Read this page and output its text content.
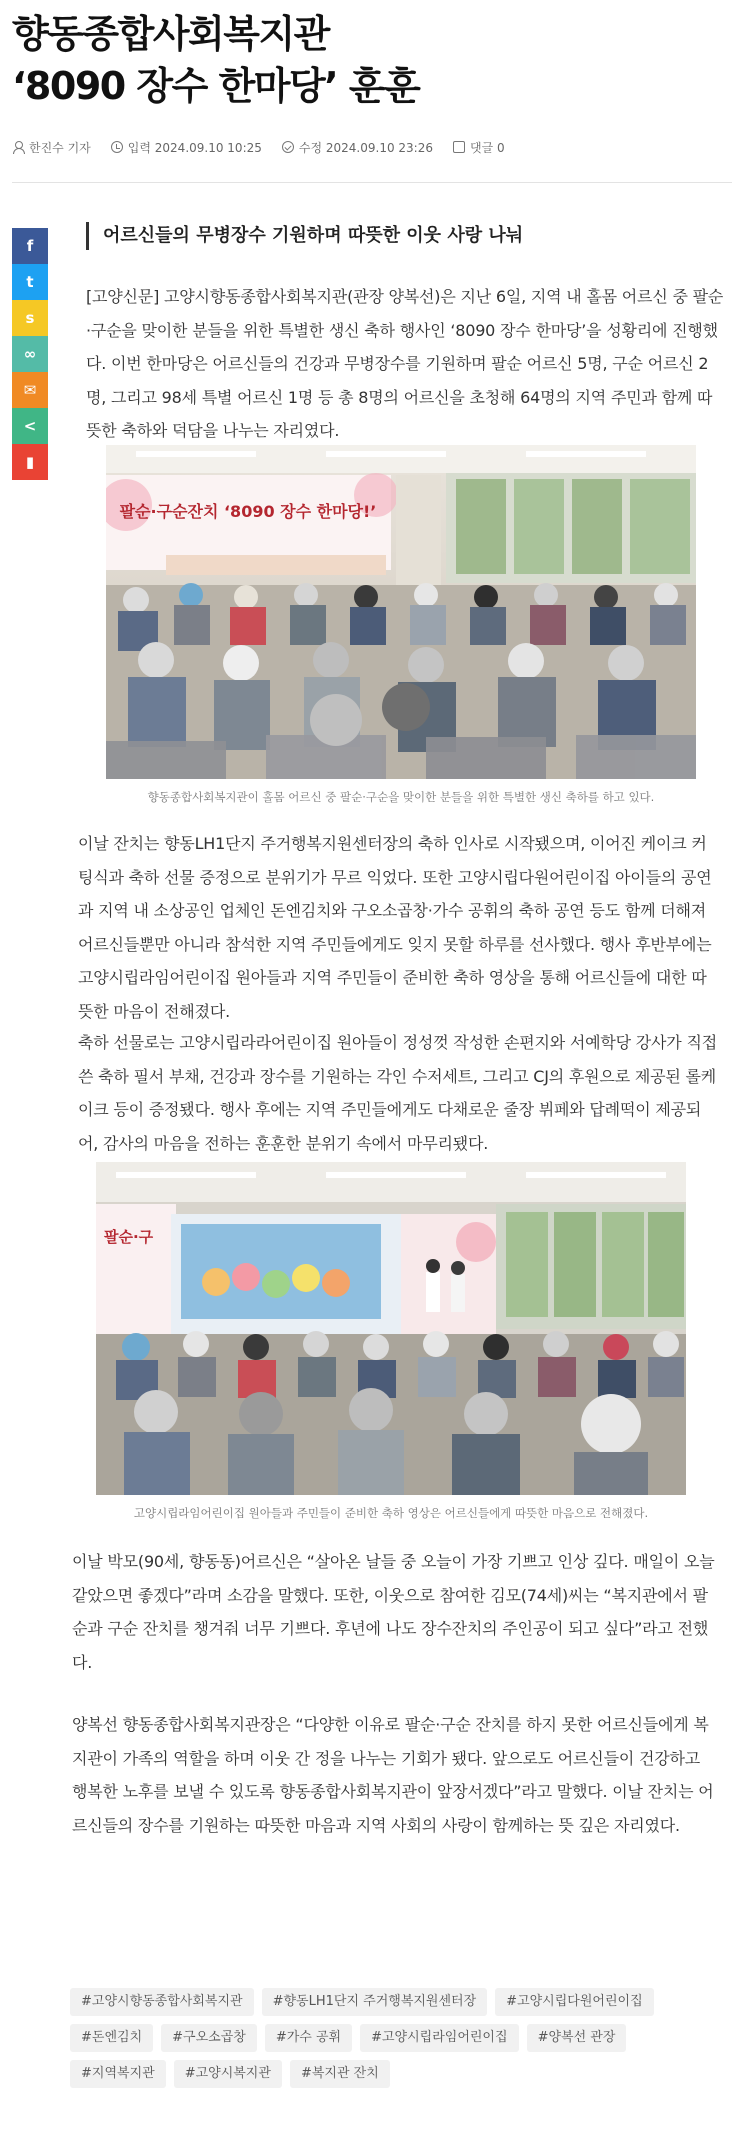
향동종합사회복지관
‘8090 장수 한마당’ 훈훈
한진수 기자	입력 2024.09.10 10:25	수정 2024.09.10 23:26	댓글 0
f
t
s
∞
✉
<
▮
어르신들의 무병장수 기원하며 따뜻한 이웃 사랑 나눠

[고양신문] 고양시향동종합사회복지관(관장 양복선)은 지난 6일, 지역 내 홀몸 어르신 중 팔순·구순을 맞이한 분들을 위한 특별한 생신 축하 행사인 ‘8090 장수 한마당’을 성황리에 진행했다. 이번 한마당은 어르신들의 건강과 무병장수를 기원하며 팔순 어르신 5명, 구순 어르신 2명, 그리고 98세 특별 어르신 1명 등 총 8명의 어르신을 초청해 64명의 지역 주민과 함께 따뜻한 축하와 덕담을 나누는 자리였다.

팔순·구순잔치 ‘8090 장수 한마당!’
향동종합사회복지관이 홀몸 어르신 중 팔순·구순을 맞이한 분들을 위한 특별한 생신 축하를 하고 있다.

이날 잔치는 향동LH1단지 주거행복지원센터장의 축하 인사로 시작됐으며, 이어진 케이크 커팅식과 축하 선물 증정으로 분위기가 무르 익었다. 또한 고양시립다원어린이집 아이들의 공연과 지역 내 소상공인 업체인 돈엔김치와 구오소곱창·가수 공휘의 축하 공연 등도 함께 더해져 어르신들뿐만 아니라 참석한 지역 주민들에게도 잊지 못할 하루를 선사했다. 행사 후반부에는 고양시립라임어린이집 원아들과 지역 주민들이 준비한 축하 영상을 통해 어르신들에 대한 따뜻한 마음이 전해졌다.

축하 선물로는 고양시립라라어린이집 원아들이 정성껏 작성한 손편지와 서예학당 강사가 직접 쓴 축하 필서 부채, 건강과 장수를 기원하는 각인 수저세트, 그리고 CJ의 후원으로 제공된 롤케이크 등이 증정됐다. 행사 후에는 지역 주민들에게도 다채로운 줄장 뷔페와 답례떡이 제공되어, 감사의 마음을 전하는 훈훈한 분위기 속에서 마무리됐다.

팔순·구
고양시립라임어린이집 원아들과 주민들이 준비한 축하 영상은 어르신들에게 따뜻한 마음으로 전해졌다.

이날 박모(90세, 향동동)어르신은 “살아온 날들 중 오늘이 가장 기쁘고 인상 깊다. 매일이 오늘 같았으면 좋겠다”라며 소감을 말했다. 또한, 이웃으로 참여한 김모(74세)씨는 “복지관에서 팔순과 구순 잔치를 챙겨줘 너무 기쁘다. 후년에 나도 장수잔치의 주인공이 되고 싶다”라고 전했다.

양복선 향동종합사회복지관장은 “다양한 이유로 팔순·구순 잔치를 하지 못한 어르신들에게 복지관이 가족의 역할을 하며 이웃 간 정을 나누는 기회가 됐다. 앞으로도 어르신들이 건강하고 행복한 노후를 보낼 수 있도록 향동종합사회복지관이 앞장서겠다”라고 말했다. 이날 잔치는 어르신들의 장수를 기원하는 따뜻한 마음과 지역 사회의 사랑이 함께하는 뜻 깊은 자리였다.

#고양시향동종합사회복지관	#향동LH1단지 주거행복지원센터장	#고양시립다원어린이집
#돈엔김치	#구오소곱창	#가수 공휘	#고양시립라임어린이집	#양복선 관장
#지역복지관	#고양시복지관	#복지관 잔치
